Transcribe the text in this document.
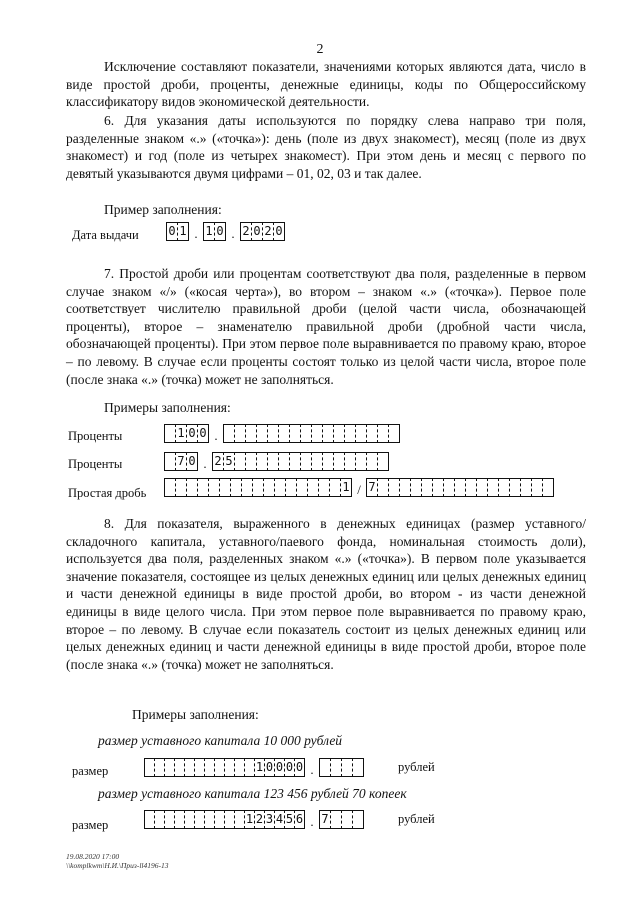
2
Исключение составляют показатели, значениями которых являются дата, число в виде простой дроби, проценты, денежные единицы, коды по Общероссийскому классификатору видов экономической деятельности.
6. Для указания даты используются по порядку слева направо три поля, разделенные знаком «.» («точка»): день (поле из двух знакомест), месяц (поле из двух знакомест) и год (поле из четырех знакомест). При этом день и месяц с первого по девятый указываются двумя цифрами – 01, 02, 03 и так далее.
Пример заполнения:
Дата выдачи 0 1 . 1 0 . 2 0 2 0
7. Простой дроби или процентам соответствуют два поля, разделенные в первом случае знаком «/» («косая черта»), во втором – знаком «.» («точка»). Первое поле соответствует числителю правильной дроби (целой части числа, обозначающей проценты), второе – знаменателю правильной дроби (дробной части числа, обозначающей проценты). При этом первое поле выравнивается по правому краю, второе – по левому. В случае если проценты состоят только из целой части числа, второе поле (после знака «.» (точка) может не заполняться.
Примеры заполнения:
Проценты	1 0 0 .
Проценты	7 0 . 2 5
Простая дробь	1 / 7
8. Для показателя, выраженного в денежных единицах (размер уставного/складочного капитала, уставного/паевого фонда, номинальная стоимость доли), используется два поля, разделенных знаком «.» («точка»). В первом поле указывается значение показателя, состоящее из целых денежных единиц или целых денежных единиц и части денежной единицы в виде простой дроби, во втором - из части денежной единицы в виде целого числа. При этом первое поле выравнивается по правому краю, второе – по левому. В случае если показатель состоит из целых денежных единиц или целых денежных единиц и части денежной единицы в виде простой дроби, второе поле (после знака «.» (точка) может не заполняться.
Примеры заполнения:
размер уставного капитала 10 000 рублей
размер	1 0 0 0 0 .	рублей
размер уставного капитала 123 456 рублей 70 копеек
размер	1 2 3 4 5 6 . 7	рублей
19.08.2020 17:00
\\komplkwm\Н.И.\Приз-ll4196-13
